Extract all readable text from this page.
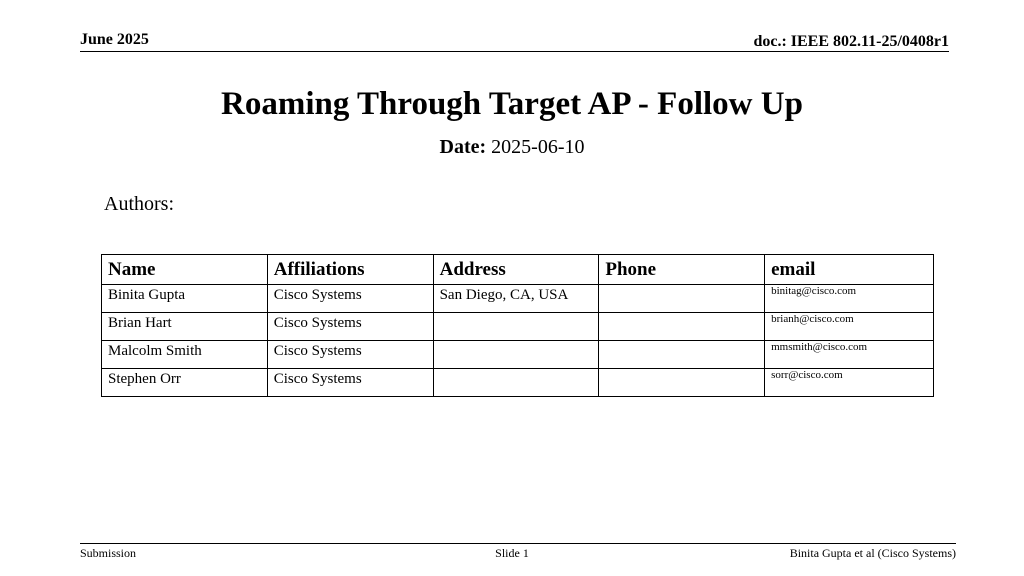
June 2025	doc.: IEEE 802.11-25/0408r1
Roaming Through Target AP - Follow Up
Date: 2025-06-10
Authors:
Name	Affiliations	Address	Phone	email
Binita Gupta	Cisco Systems	San Diego, CA, USA		binitag@cisco.com
Brian Hart	Cisco Systems			brianh@cisco.com
Malcolm Smith	Cisco Systems			mmsmith@cisco.com
Stephen Orr	Cisco Systems			sorr@cisco.com
Submission	Slide 1	Binita Gupta et al (Cisco Systems)
